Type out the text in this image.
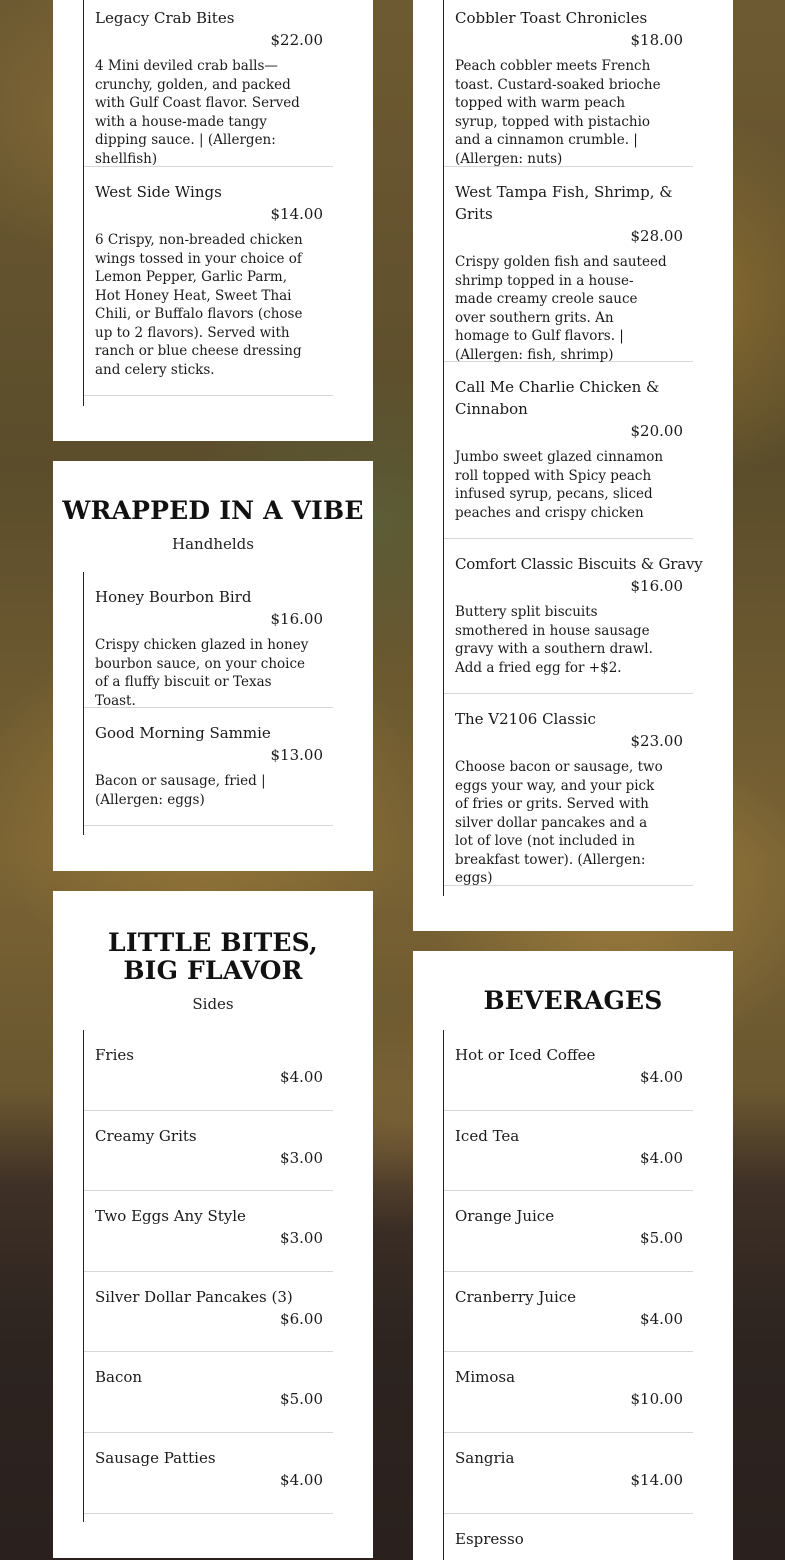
Legacy Crab Bites
$22.00
4 Mini deviled crab balls—crunchy, golden, and packed with Gulf Coast flavor. Served with a house-made tangy dipping sauce. | (Allergen: shellfish)
West Side Wings
$14.00
6 Crispy, non-breaded chicken wings tossed in your choice of Lemon Pepper, Garlic Parm, Hot Honey Heat, Sweet Thai Chili, or Buffalo flavors (chose up to 2 flavors). Served with ranch or blue cheese dressing and celery sticks.
WRAPPED IN A VIBE
Handhelds
Honey Bourbon Bird
$16.00
Crispy chicken glazed in honey bourbon sauce, on your choice of a fluffy biscuit or Texas Toast.
Good Morning Sammie
$13.00
Bacon or sausage, fried | (Allergen: eggs)
LITTLE BITES, BIG FLAVOR
Sides
Fries
$4.00
Creamy Grits
$3.00
Two Eggs Any Style
$3.00
Silver Dollar Pancakes (3)
$6.00
Bacon
$5.00
Sausage Patties
$4.00
Cobbler Toast Chronicles
$18.00
Peach cobbler meets French toast. Custard-soaked brioche topped with warm peach syrup, topped with pistachio and a cinnamon crumble. | (Allergen: nuts)
West Tampa Fish, Shrimp, & Grits
$28.00
Crispy golden fish and sauteed shrimp topped in a house-made creamy creole sauce over southern grits. An homage to Gulf flavors. | (Allergen: fish, shrimp)
Call Me Charlie Chicken & Cinnabon
$20.00
Jumbo sweet glazed cinnamon roll topped with Spicy peach infused syrup, pecans, sliced peaches and crispy chicken
Comfort Classic Biscuits & Gravy
$16.00
Buttery split biscuits smothered in house sausage gravy with a southern drawl. Add a fried egg for +$2.
The V2106 Classic
$23.00
Choose bacon or sausage, two eggs your way, and your pick of fries or grits. Served with silver dollar pancakes and a lot of love (not included in breakfast tower). (Allergen: eggs)
BEVERAGES
Hot or Iced Coffee
$4.00
Iced Tea
$4.00
Orange Juice
$5.00
Cranberry Juice
$4.00
Mimosa
$10.00
Sangria
$14.00
Espresso
